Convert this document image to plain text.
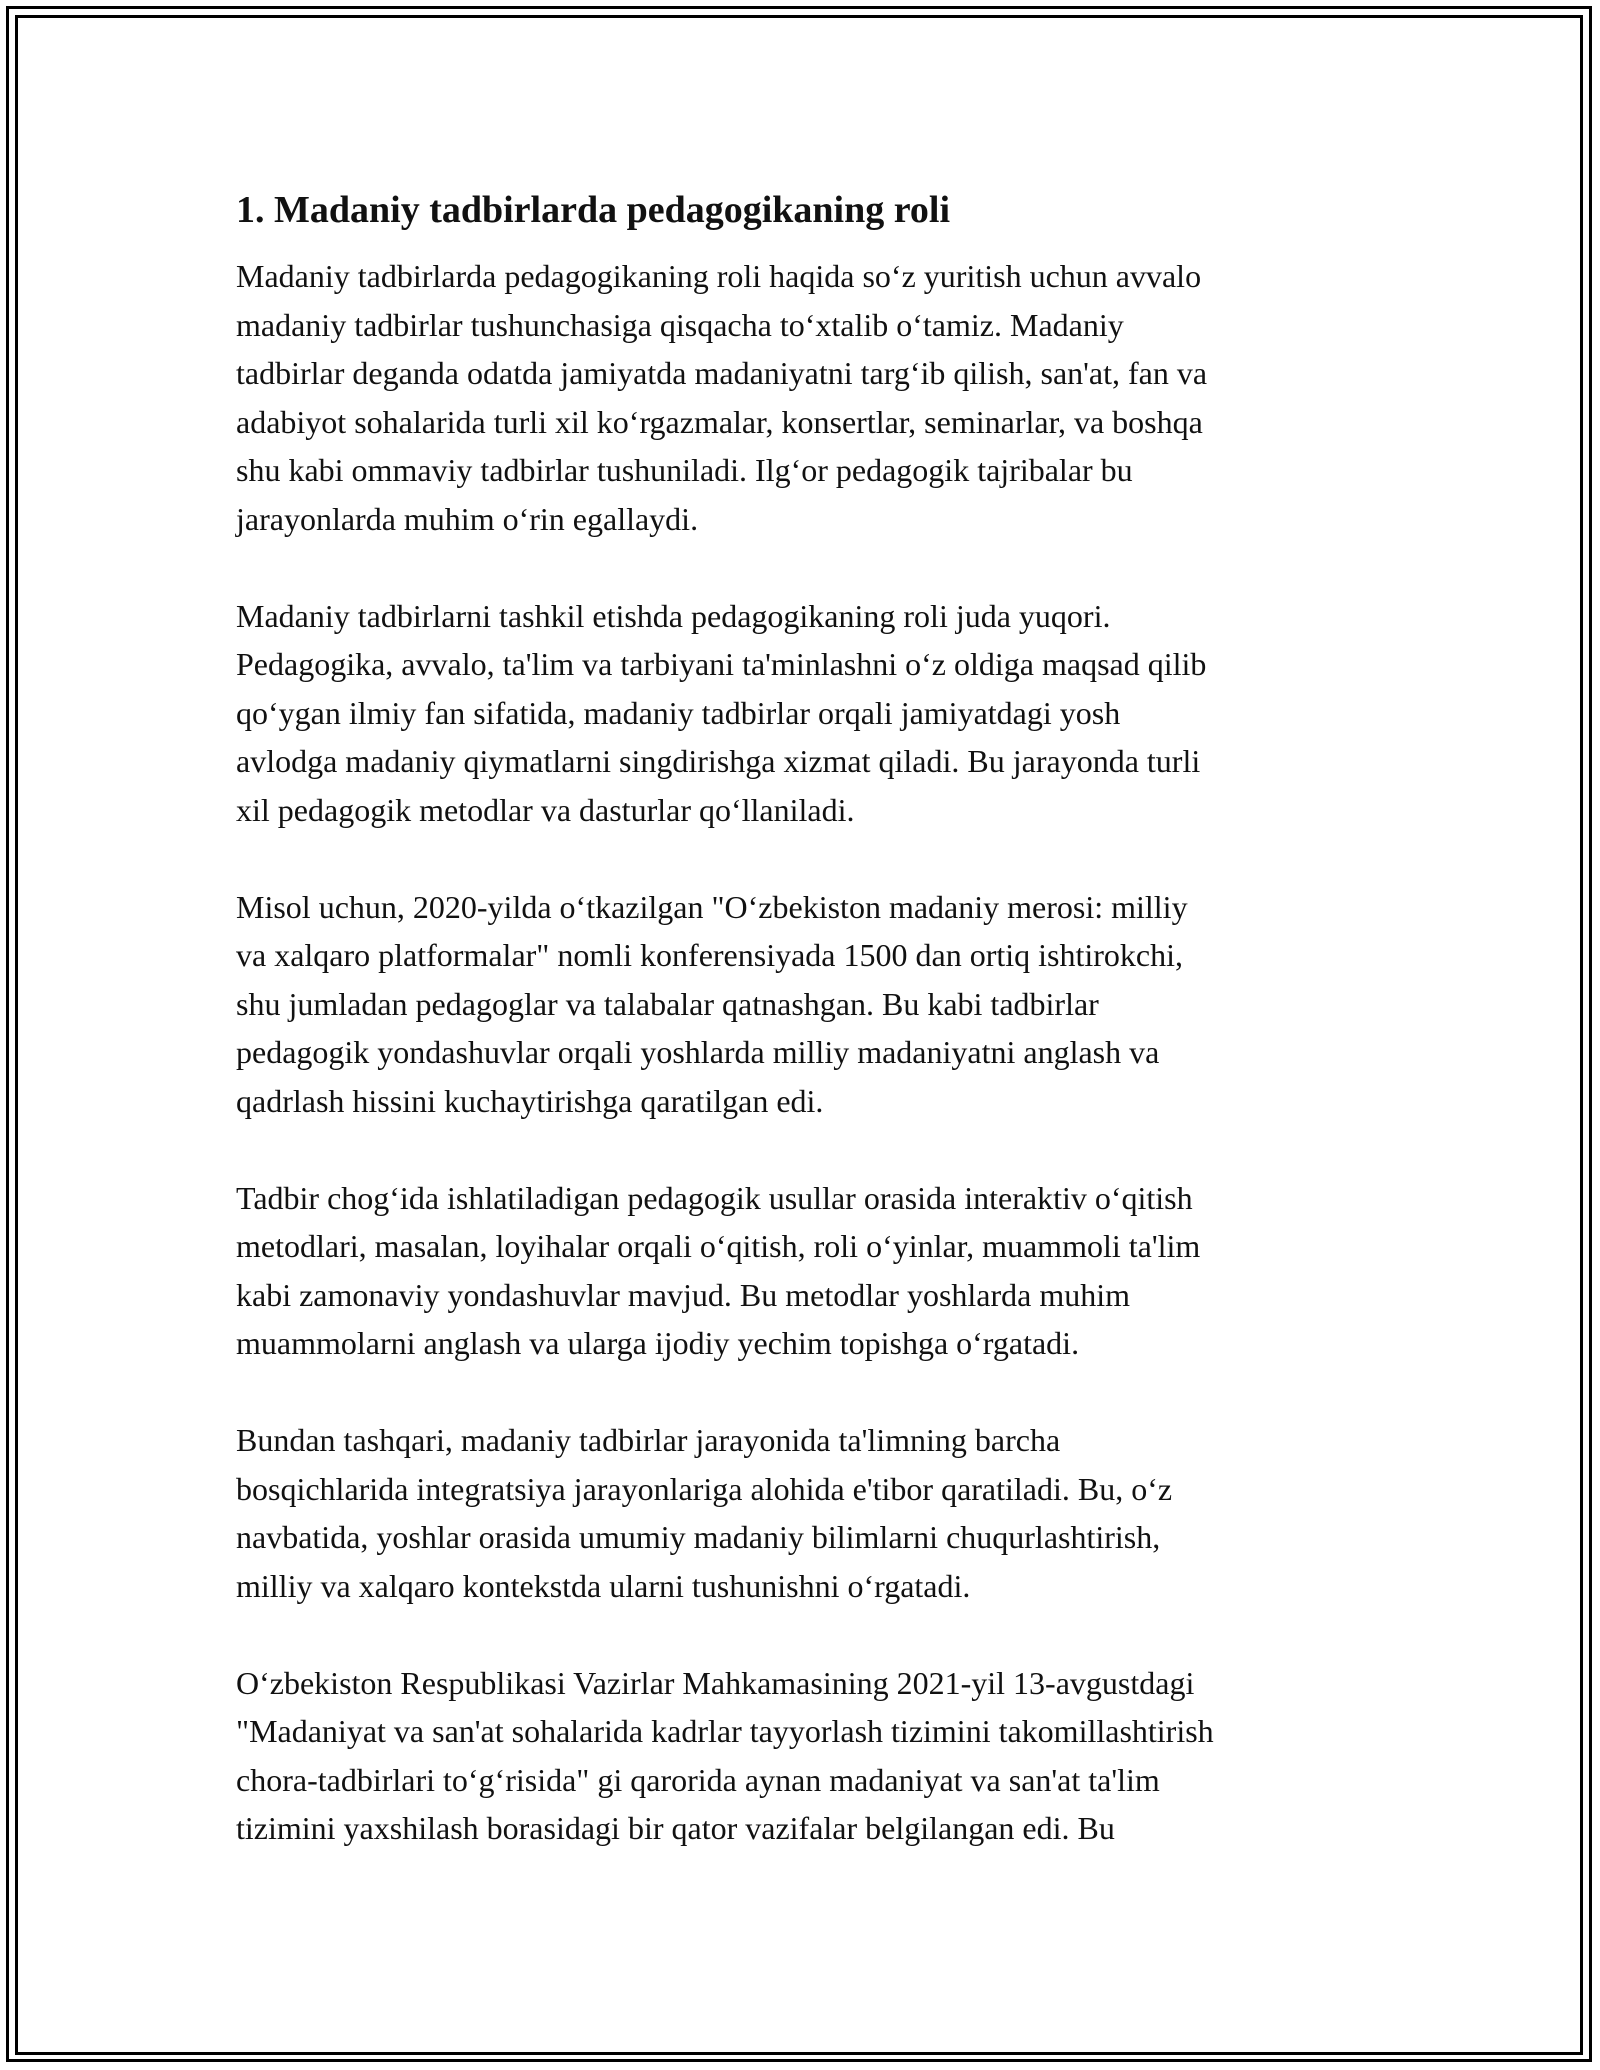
1. Madaniy tadbirlarda pedagogikaning roli

Madaniy tadbirlarda pedagogikaning roli haqida so‘z yuritish uchun avvalo
madaniy tadbirlar tushunchasiga qisqacha to‘xtalib o‘tamiz. Madaniy
tadbirlar deganda odatda jamiyatda madaniyatni targ‘ib qilish, san'at, fan va
adabiyot sohalarida turli xil ko‘rgazmalar, konsertlar, seminarlar, va boshqa
shu kabi ommaviy tadbirlar tushuniladi. Ilg‘or pedagogik tajribalar bu
jarayonlarda muhim o‘rin egallaydi.

Madaniy tadbirlarni tashkil etishda pedagogikaning roli juda yuqori.
Pedagogika, avvalo, ta'lim va tarbiyani ta'minlashni o‘z oldiga maqsad qilib
qo‘ygan ilmiy fan sifatida, madaniy tadbirlar orqali jamiyatdagi yosh
avlodga madaniy qiymatlarni singdirishga xizmat qiladi. Bu jarayonda turli
xil pedagogik metodlar va dasturlar qo‘llaniladi.

Misol uchun, 2020-yilda o‘tkazilgan "O‘zbekiston madaniy merosi: milliy
va xalqaro platformalar" nomli konferensiyada 1500 dan ortiq ishtirokchi,
shu jumladan pedagoglar va talabalar qatnashgan. Bu kabi tadbirlar
pedagogik yondashuvlar orqali yoshlarda milliy madaniyatni anglash va
qadrlash hissini kuchaytirishga qaratilgan edi.

Tadbir chog‘ida ishlatiladigan pedagogik usullar orasida interaktiv o‘qitish
metodlari, masalan, loyihalar orqali o‘qitish, roli o‘yinlar, muammoli ta'lim
kabi zamonaviy yondashuvlar mavjud. Bu metodlar yoshlarda muhim
muammolarni anglash va ularga ijodiy yechim topishga o‘rgatadi.

Bundan tashqari, madaniy tadbirlar jarayonida ta'limning barcha
bosqichlarida integratsiya jarayonlariga alohida e'tibor qaratiladi. Bu, o‘z
navbatida, yoshlar orasida umumiy madaniy bilimlarni chuqurlashtirish,
milliy va xalqaro kontekstda ularni tushunishni o‘rgatadi.

O‘zbekiston Respublikasi Vazirlar Mahkamasining 2021-yil 13-avgustdagi
"Madaniyat va san'at sohalarida kadrlar tayyorlash tizimini takomillashtirish
chora-tadbirlari to‘g‘risida" gi qarorida aynan madaniyat va san'at ta'lim
tizimini yaxshilash borasidagi bir qator vazifalar belgilangan edi. Bu
